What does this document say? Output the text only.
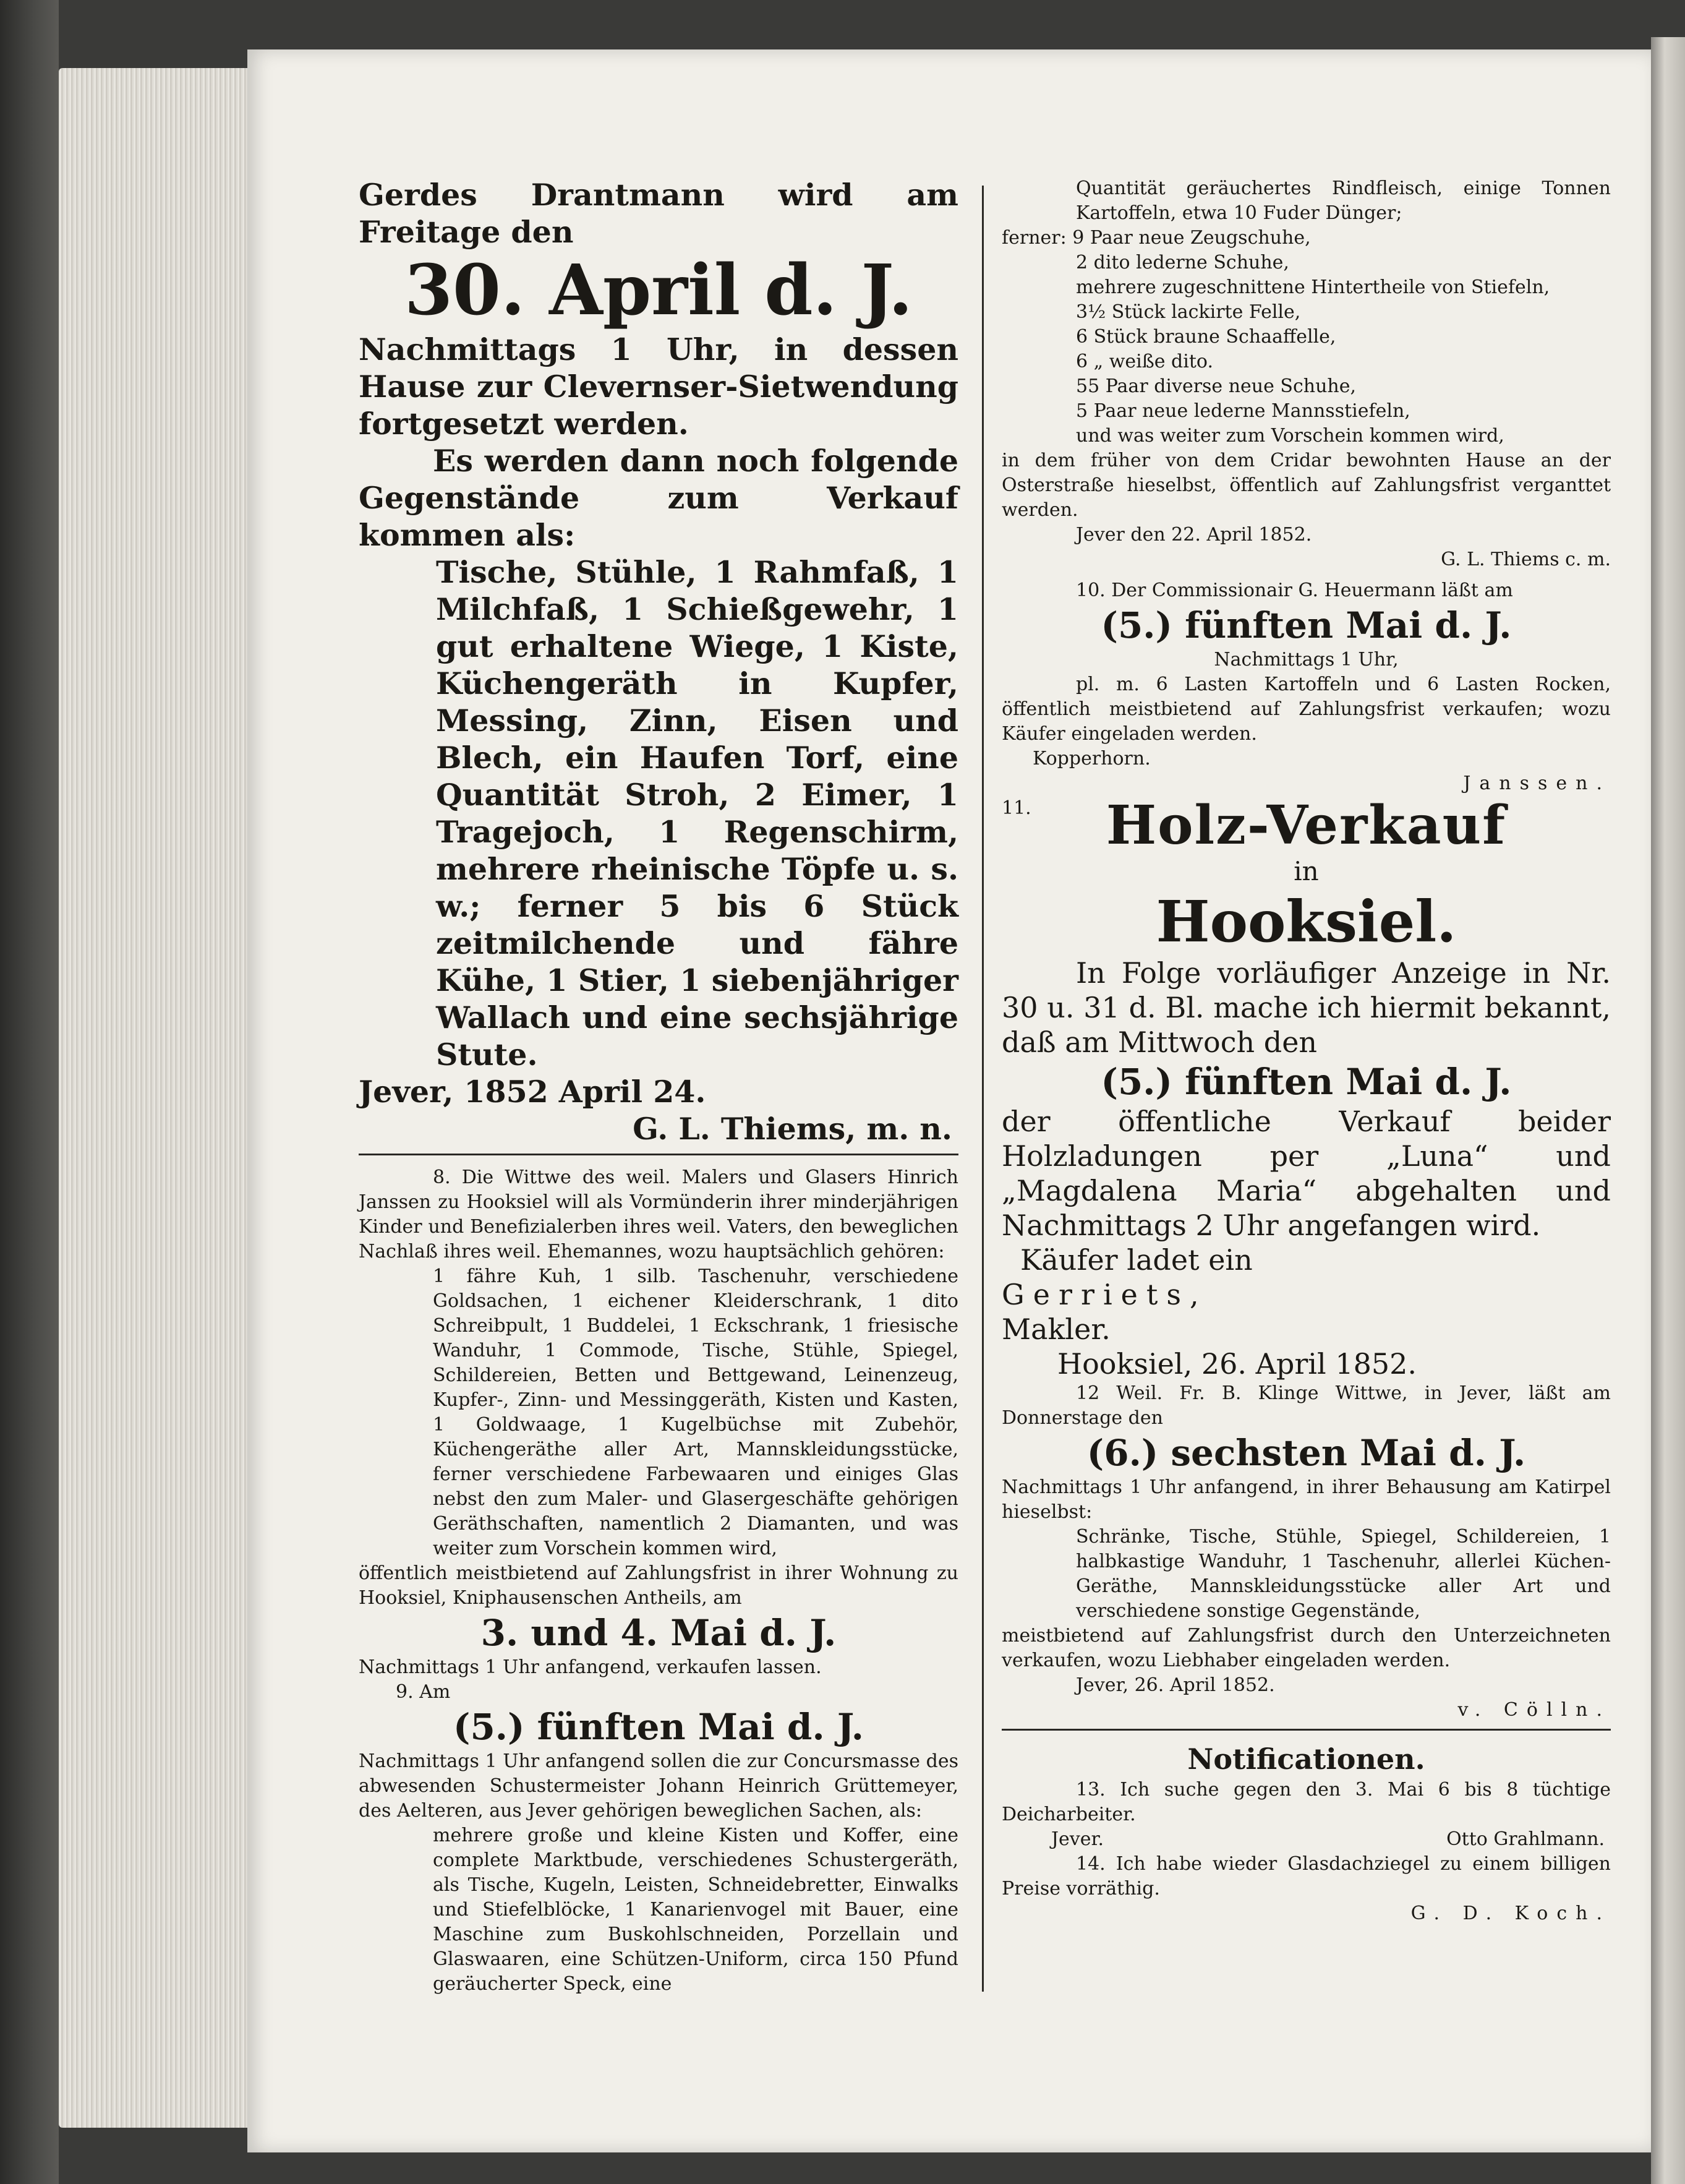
Gerdes Drantmann wird am Freitage den

30. April d. J.

Nachmittags 1 Uhr, in dessen Hause zur Clevernser-Sietwendung fortgesetzt werden.

Es werden dann noch folgende Gegenstände zum Verkauf kommen als:

Tische, Stühle, 1 Rahmfaß, 1 Milchfaß, 1 Schießgewehr, 1 gut erhaltene Wiege, 1 Kiste, Küchengeräth in Kupfer, Messing, Zinn, Eisen und Blech, ein Haufen Torf, eine Quantität Stroh, 2 Eimer, 1 Tragejoch, 1 Regenschirm, mehrere rheinische Töpfe u. s. w.; ferner 5 bis 6 Stück zeitmilchende und fähre Kühe, 1 Stier, 1 siebenjähriger Wallach und eine sechsjährige Stute.

Jever, 1852 April 24.

G. L. Thiems, m. n.

8. Die Wittwe des weil. Malers und Glasers Hinrich Janssen zu Hooksiel will als Vormünderin ihrer minderjährigen Kinder und Benefizialerben ihres weil. Vaters, den beweglichen Nachlaß ihres weil. Ehemannes, wozu hauptsächlich gehören:

1 fähre Kuh, 1 silb. Taschenuhr, verschiedene Goldsachen, 1 eichener Kleiderschrank, 1 dito Schreibpult, 1 Buddelei, 1 Eckschrank, 1 friesische Wanduhr, 1 Commode, Tische, Stühle, Spiegel, Schildereien, Betten und Bettgewand, Leinenzeug, Kupfer-, Zinn- und Messinggeräth, Kisten und Kasten, 1 Goldwaage, 1 Kugelbüchse mit Zubehör, Küchengeräthe aller Art, Mannskleidungsstücke, ferner verschiedene Farbewaaren und einiges Glas nebst den zum Maler- und Glasergeschäfte gehörigen Geräthschaften, namentlich 2 Diamanten, und was weiter zum Vorschein kommen wird,

öffentlich meistbietend auf Zahlungsfrist in ihrer Wohnung zu Hooksiel, Kniphausenschen Antheils, am

3. und 4. Mai d. J.

Nachmittags 1 Uhr anfangend, verkaufen lassen.

9. Am

(5.) fünften Mai d. J.

Nachmittags 1 Uhr anfangend sollen die zur Concursmasse des abwesenden Schustermeister Johann Heinrich Grüttemeyer, des Aelteren, aus Jever gehörigen beweglichen Sachen, als:

mehrere große und kleine Kisten und Koffer, eine complete Marktbude, verschiedenes Schustergeräth, als Tische, Kugeln, Leisten, Schneidebretter, Einwalks und Stiefelblöcke, 1 Kanarienvogel mit Bauer, eine Maschine zum Buskohlschneiden, Porzellain und Glaswaaren, eine Schützen-Uniform, circa 150 Pfund geräucherter Speck, eine

Quantität geräuchertes Rindfleisch, einige Tonnen Kartoffeln, etwa 10 Fuder Dünger;

ferner: 9 Paar neue Zeugschuhe,

2 dito lederne Schuhe,

mehrere zugeschnittene Hintertheile von Stiefeln,

3½ Stück lackirte Felle,

6 Stück braune Schaaffelle,

6 „ weiße dito.

55 Paar diverse neue Schuhe,

5 Paar neue lederne Mannsstiefeln,

und was weiter zum Vorschein kommen wird,

in dem früher von dem Cridar bewohnten Hause an der Osterstraße hieselbst, öffentlich auf Zahlungsfrist verganttet werden.

Jever den 22. April 1852.

G. L. Thiems c. m.

10. Der Commissionair G. Heuermann läßt am

(5.) fünften Mai d. J.

Nachmittags 1 Uhr,

pl. m. 6 Lasten Kartoffeln und 6 Lasten Rocken, öffentlich meistbietend auf Zahlungsfrist verkaufen; wozu Käufer eingeladen werden.

Kopperhorn.

Janssen.

11.	Holz-Verkauf

in

Hooksiel.

In Folge vorläufiger Anzeige in Nr. 30 u. 31 d. Bl. mache ich hiermit bekannt, daß am Mittwoch den

(5.) fünften Mai d. J.

der öffentliche Verkauf beider Holzladungen per „Luna“ und „Magdalena Maria“ abgehalten und Nachmittags 2 Uhr angefangen wird.

Käufer ladet ein

Gerriets,

Makler.

Hooksiel, 26. April 1852.

12 Weil. Fr. B. Klinge Wittwe, in Jever, läßt am Donnerstage den

(6.) sechsten Mai d. J.

Nachmittags 1 Uhr anfangend, in ihrer Behausung am Katirpel hieselbst:

Schränke, Tische, Stühle, Spiegel, Schildereien, 1 halbkastige Wanduhr, 1 Taschenuhr, allerlei Küchen-Geräthe, Mannskleidungsstücke aller Art und verschiedene sonstige Gegenstände,

meistbietend auf Zahlungsfrist durch den Unterzeichneten verkaufen, wozu Liebhaber eingeladen werden.

Jever, 26. April 1852.

v. Cölln.

Notificationen.

13. Ich suche gegen den 3. Mai 6 bis 8 tüchtige Deicharbeiter.

Jever.	Otto Grahlmann.

14. Ich habe wieder Glasdachziegel zu einem billigen Preise vorräthig.

G. D. Koch.
